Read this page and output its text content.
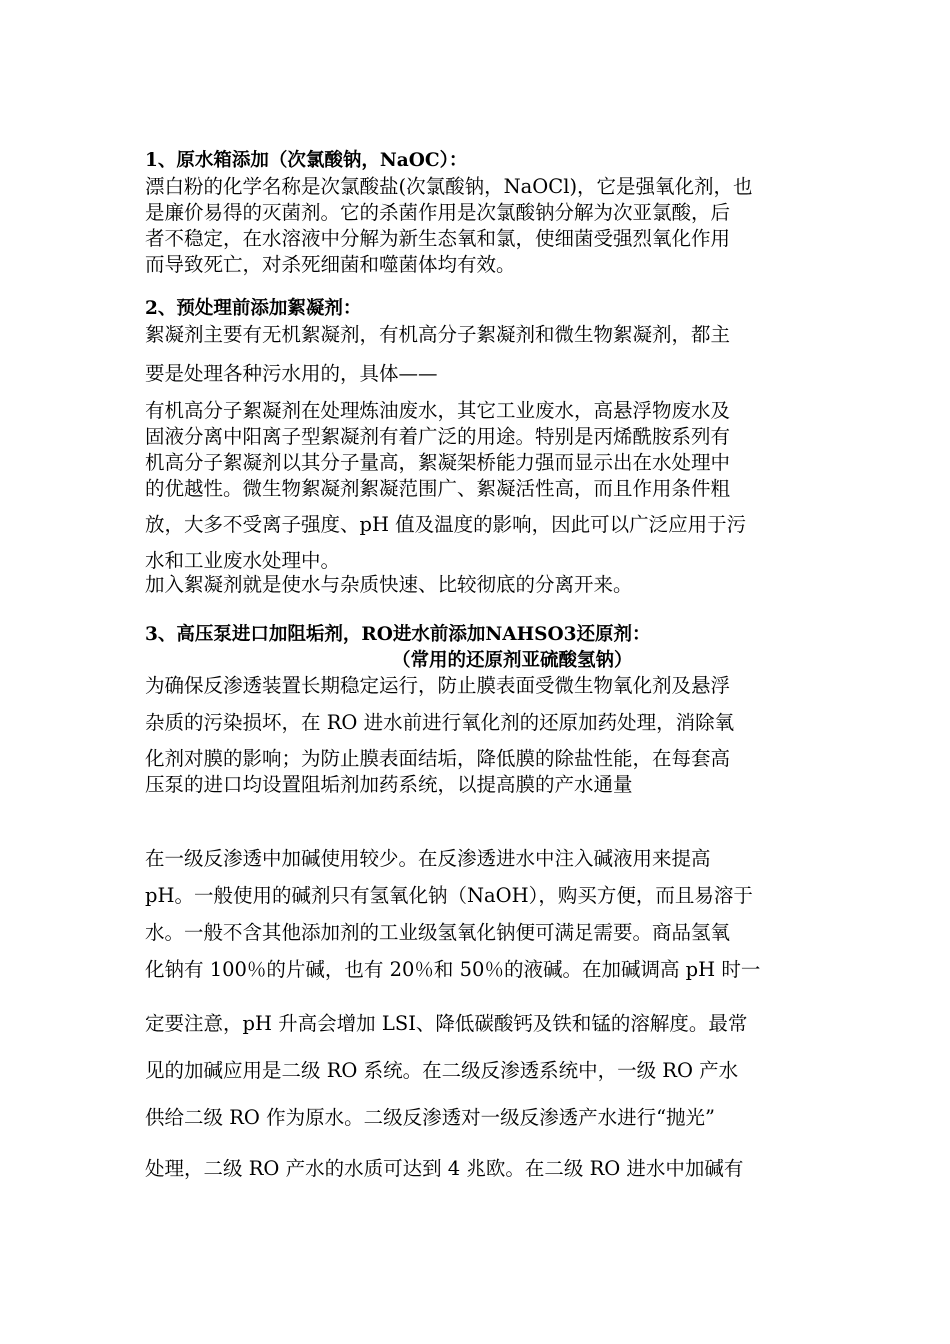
1、原水箱添加（次氯酸钠，NaOC）：

漂白粉的化学名称是次氯酸盐(次氯酸钠，NaOCl)，它是强氧化剂，也

是廉价易得的灭菌剂。它的杀菌作用是次氯酸钠分解为次亚氯酸，后

者不稳定，在水溶液中分解为新生态氧和氯，使细菌受强烈氧化作用

而导致死亡，对杀死细菌和噬菌体均有效。

2、预处理前添加絮凝剂：

絮凝剂主要有无机絮凝剂，有机高分子絮凝剂和微生物絮凝剂，都主

要是处理各种污水用的，具体——

有机高分子絮凝剂在处理炼油废水，其它工业废水，高悬浮物废水及

固液分离中阳离子型絮凝剂有着广泛的用途。特别是丙烯酰胺系列有

机高分子絮凝剂以其分子量高，絮凝架桥能力强而显示出在水处理中

的优越性。微生物絮凝剂絮凝范围广、絮凝活性高，而且作用条件粗

放，大多不受离子强度、pH 值及温度的影响，因此可以广泛应用于污

水和工业废水处理中。

加入絮凝剂就是使水与杂质快速、比较彻底的分离开来。

3、高压泵进口加阻垢剂，RO进水前添加NAHSO3还原剂：

（常用的还原剂亚硫酸氢钠）

为确保反渗透装置长期稳定运行，防止膜表面受微生物氧化剂及悬浮

杂质的污染损坏，在 RO 进水前进行氧化剂的还原加药处理，消除氧

化剂对膜的影响；为防止膜表面结垢，降低膜的除盐性能，在每套高

压泵的进口均设置阻垢剂加药系统，以提高膜的产水通量

在一级反渗透中加碱使用较少。在反渗透进水中注入碱液用来提高

pH。一般使用的碱剂只有氢氧化钠（NaOH），购买方便，而且易溶于

水。一般不含其他添加剂的工业级氢氧化钠便可满足需要。商品氢氧

化钠有 100％的片碱，也有 20％和 50％的液碱。在加碱调高 pH 时一

定要注意，pH 升高会增加 LSI、降低碳酸钙及铁和锰的溶解度。最常

见的加碱应用是二级 RO 系统。在二级反渗透系统中，一级 RO 产水

供给二级 RO 作为原水。二级反渗透对一级反渗透产水进行“抛光”

处理，二级 RO 产水的水质可达到 4 兆欧。在二级 RO 进水中加碱有
